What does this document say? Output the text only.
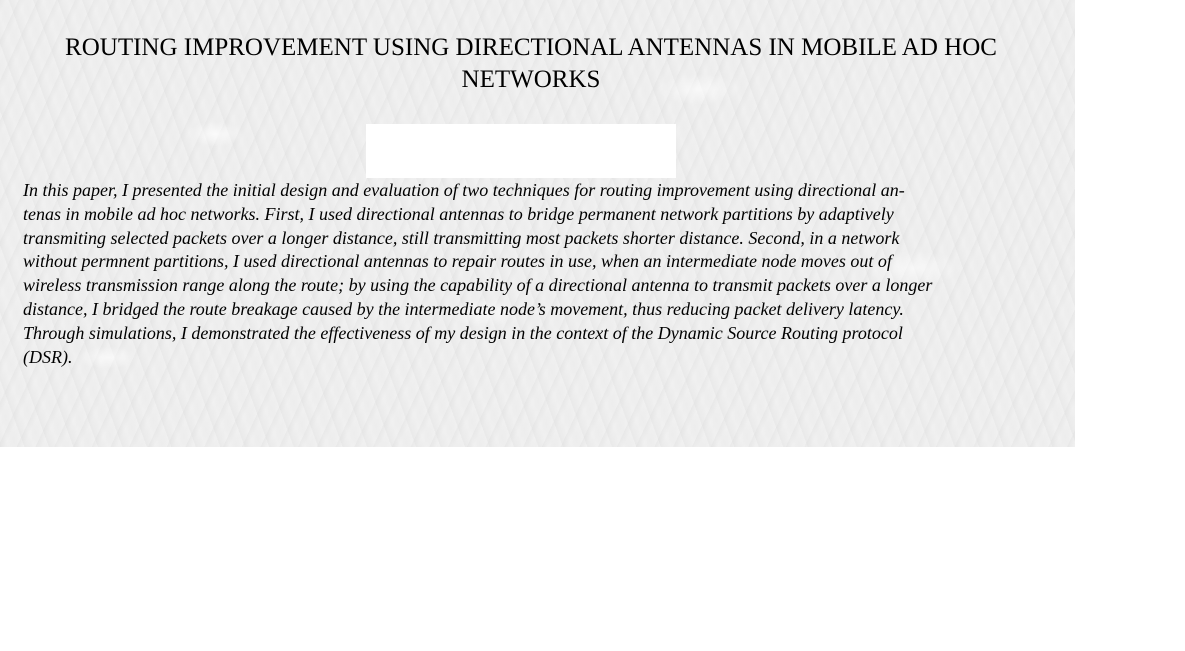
ROUTING IMPROVEMENT USING DIRECTIONAL ANTENNAS IN MOBILE AD HOC NETWORKS

In this paper, I presented the initial design and evaluation of two techniques for routing improvement using directional an-
tenas in mobile ad hoc networks. First, I used directional antennas to bridge permanent network partitions by adaptively
transmiting selected packets over a longer distance, still transmitting most packets shorter distance. Second, in a network
without permnent partitions, I used directional antennas to repair routes in use, when an intermediate node moves out of
wireless transmission range along the route; by using the capability of a directional antenna to transmit packets over a longer
distance, I bridged the route breakage caused by the intermediate node’s movement, thus reducing packet delivery latency.
Through simulations, I demonstrated the effectiveness of my design in the context of the Dynamic Source Routing protocol
(DSR).
